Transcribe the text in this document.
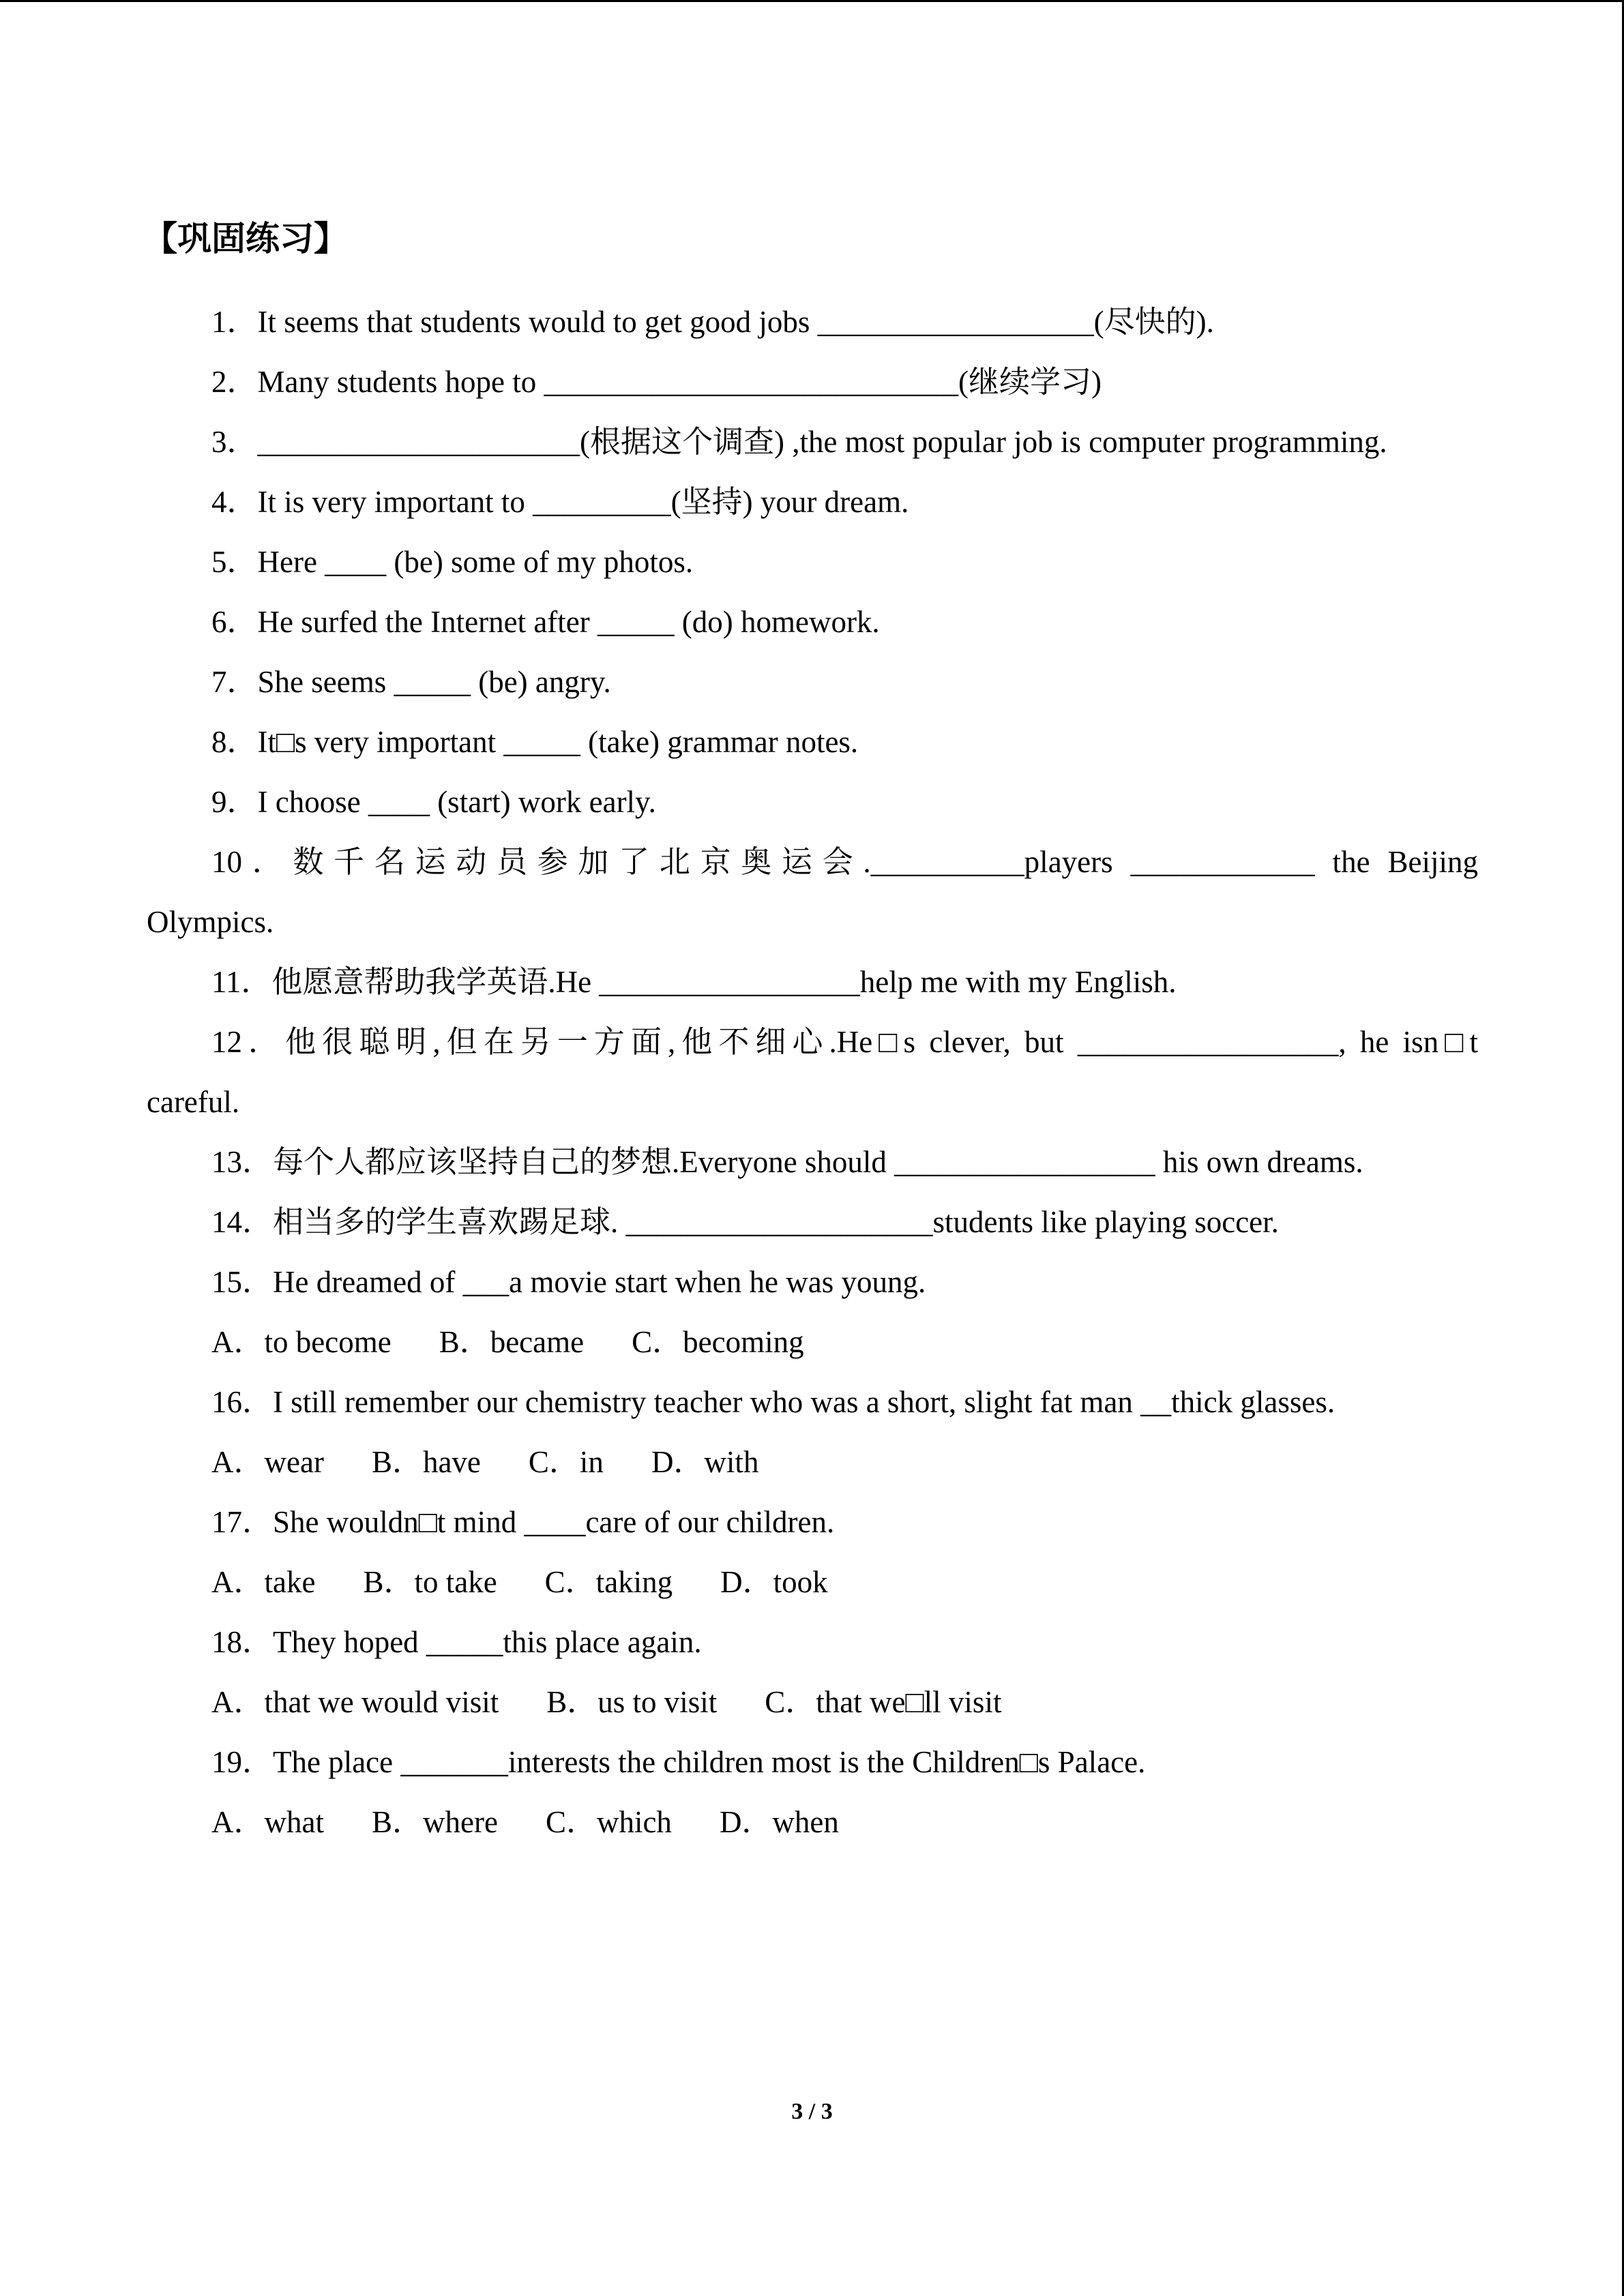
【巩固练习】
1．It seems that students would to get good jobs __________________(尽快的).
2．Many students hope to ___________________________(继续学习)
3．_____________________(根据这个调查) ,the most popular job is computer programming.
4．It is very important to _________(坚持) your dream.
5．Here ____ (be) some of my photos.
6．He surfed the Internet after _____ (do) homework.
7．She seems _____ (be) angry.
8．It□s very important _____ (take) grammar notes.
9．I choose ____ (start) work early.
10．数千名运动员参加了北京奥运会.__________players ____________ the Beijing
Olympics.
11．他愿意帮助我学英语.He _________________help me with my English.
12．他很聪明,但在另一方面,他不细心.He□s clever, but _________________, he isn□t
careful.
13．每个人都应该坚持自己的梦想.Everyone should _________________ his own dreams.
14．相当多的学生喜欢踢足球. ____________________students like playing soccer.
15．He dreamed of ___a movie start when he was young.
A．to become B．became C．becoming
16．I still remember our chemistry teacher who was a short, slight fat man __thick glasses.
A．wear B．have C．in D．with
17．She wouldn□t mind ____care of our children.
A．take B．to take C．taking D．took
18．They hoped _____this place again.
A．that we would visit B．us to visit C．that we□ll visit
19．The place _______interests the children most is the Children□s Palace.
A．what B．where C．which D．when
3 / 3
